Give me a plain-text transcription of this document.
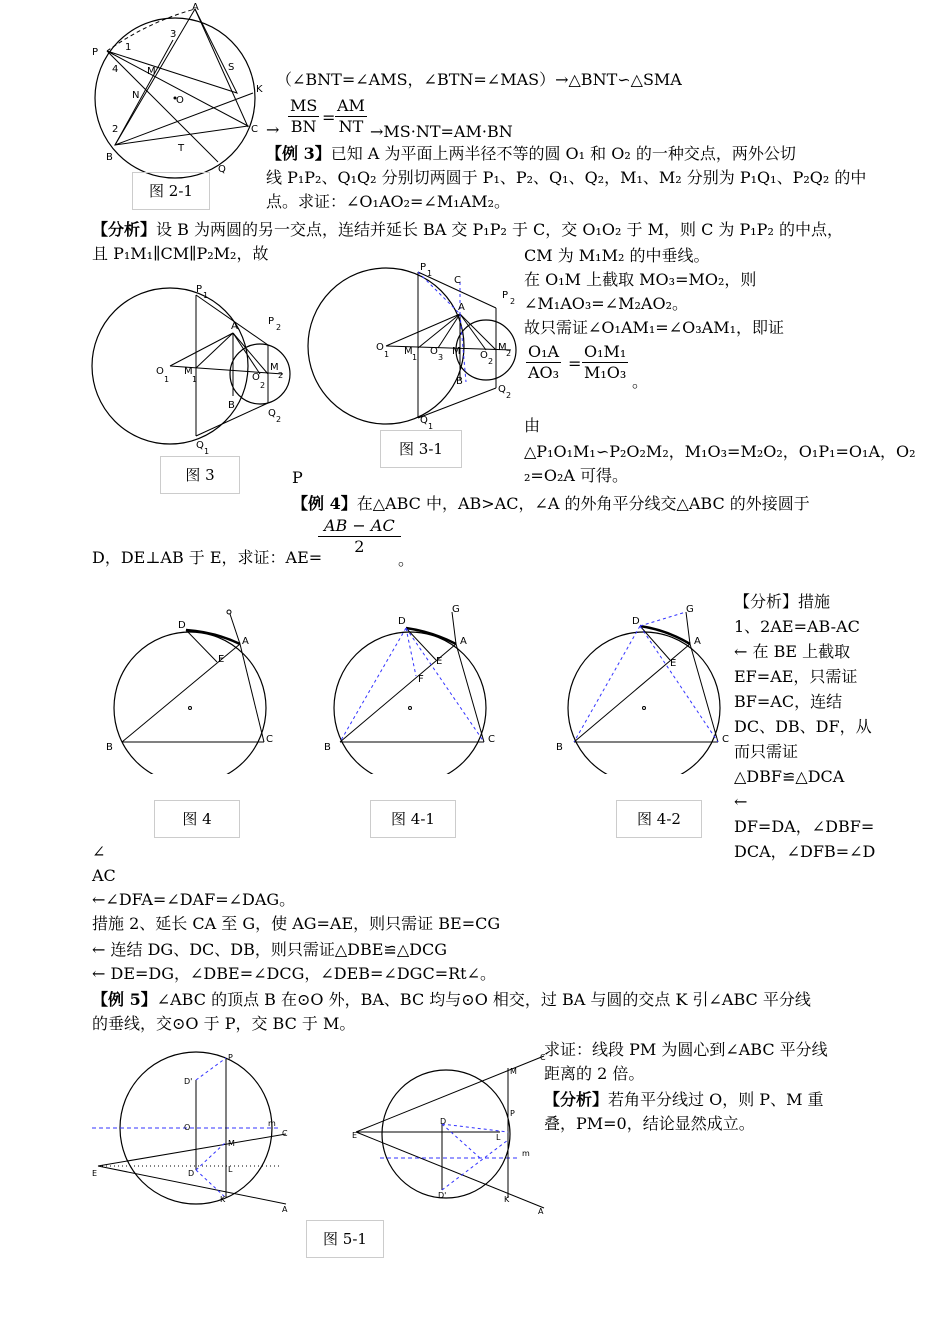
A
P	1
3
4	M
N	O
S
K
2	C
B
T
Q
图 2-1
→
（∠BNT=∠AMS，∠BTN=∠MAS）→△BNT∽△SMA
$\frac{MS}{BN} = \frac{AM}{NT} \to MS\cdot NT=AM\cdot BN$
【例 3】已知 A 为平面上两半径不等的圆 O₁ 和 O₂ 的一种交点，两外公切
线 P₁P₂、Q₁Q₂ 分别切两圆于 P₁、P₂、Q₁、Q₂，M₁、M₂ 分别为 P₁Q₁、P₂Q₂ 的中
点。求证：∠O₁AO₂=∠M₁AM₂。
【分析】设 B 为两圆的另一交点，连结并延长 BA 交 P₁P₂ 于 C，交 O₁O₂ 于 M，则 C 为 P₁P₂ 的中点，
且 P₁M₁∥CM∥P₂M₂，故	CM 为 M₁M₂ 的中垂线。
在 O₁M 上截取 MO₃=MO₂，则
∠M₁AO₃=∠M₂AO₂。
故只需证∠O₁AM₁=∠O₃AM₁，即证
$\frac{\text{O₁A}}{\text{AO₃}} = \frac{\text{O₁M₁}}{\text{M₁O₃}}$ 。
由
△P₁O₁M₁∽P₂O₂M₂，M₁O₃=M₂O₂，O₁P₁=O₁A，O₂
₂=O₂A 可得。
P
1
P
2
A
O
1
M
1	O
2
M
2
B
Q
1
Q
2
图 3
P
1
C
P
2
A
O
1 M
1
O
3
M O
2
M
2
B
Q
1
Q
2
图 3-1
P
【例 4】在△ABC 中，AB>AC，∠A 的外角平分线交△ABC 的外接圆于
$\frac{AB - AC}{2}$
D，DE⊥AB 于 E，求证：AE=	。
D
A
E
B
C
图 4
D
G
A
E
F
B
C
图 4-1
D
G
A
E
B
C
图 4-2
【分析】措施
1、2AE=AB-AC
← 在 BE 上截取
EF=AE，只需证
BF=AC，连结
DC、DB、DF，从
而只需证
△DBF≌△DCA
←
DF=DA，∠DBF=
DCA，∠DFB=∠D
∠
AC
←∠DFA=∠DAF=∠DAG。
措施 2、延长 CA 至 G，使 AG=AE，则只需证 BE=CG
← 连结 DG、DC、DB，则只需证△DBE≌△DCG
← DE=DG，∠DBE=∠DCG，∠DEB=∠DGC=Rt∠。
【例 5】∠ABC 的顶点 B 在⊙O 外，BA、BC 均与⊙O 相交，过 BA 与圆的交点 K 引∠ABC 平分线
的垂线，交⊙O 于 P，交 BC 于 M。
求证：线段 PM 为圆心到∠ABC 平分线
距离的 2 倍。
【分析】若角平分线过 O，则 P、M 重
叠，PM=0，结论显然成立。
P
D'
O	m
C
M
D	L
E
K
A
图 5-1
C
M
P
E
D
L
m
D'	K
A
